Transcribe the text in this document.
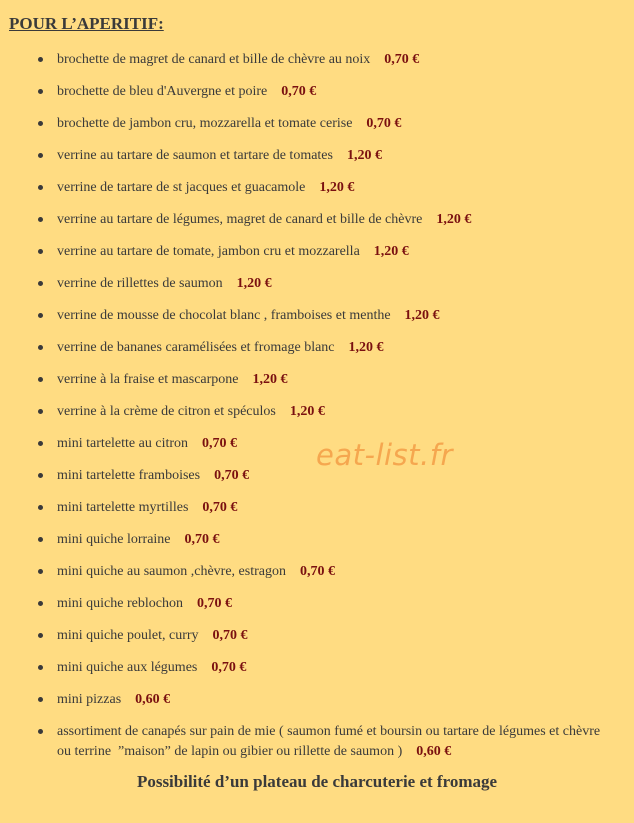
POUR L’APERITIF:
brochette de magret de canard et bille de chèvre au noix 0,70 €
brochette de bleu d'Auvergne et poire 0,70 €
brochette de jambon cru, mozzarella et tomate cerise 0,70 €
verrine au tartare de saumon et tartare de tomates 1,20 €
verrine de tartare de st jacques et guacamole 1,20 €
verrine au tartare de légumes, magret de canard et bille de chèvre 1,20 €
verrine au tartare de tomate, jambon cru et mozzarella 1,20 €
verrine de rillettes de saumon 1,20 €
verrine de mousse de chocolat blanc , framboises et menthe 1,20 €
verrine de bananes caramélisées et fromage blanc 1,20 €
verrine à la fraise et mascarpone 1,20 €
verrine à la crème de citron et spéculos 1,20 €
mini tartelette au citron 0,70 €
mini tartelette framboises 0,70 €
mini tartelette myrtilles 0,70 €
mini quiche lorraine 0,70 €
mini quiche au saumon ,chèvre, estragon 0,70 €
mini quiche reblochon 0,70 €
mini quiche poulet, curry 0,70 €
mini quiche aux légumes 0,70 €
mini pizzas 0,60 €
assortiment de canapés sur pain de mie ( saumon fumé et boursin ou tartare de légumes et chèvre ou terrine  ”maison” de lapin ou gibier ou rillette de saumon ) 0,60 €
eat-list.fr
Possibilité d’un plateau de charcuterie et fromage
